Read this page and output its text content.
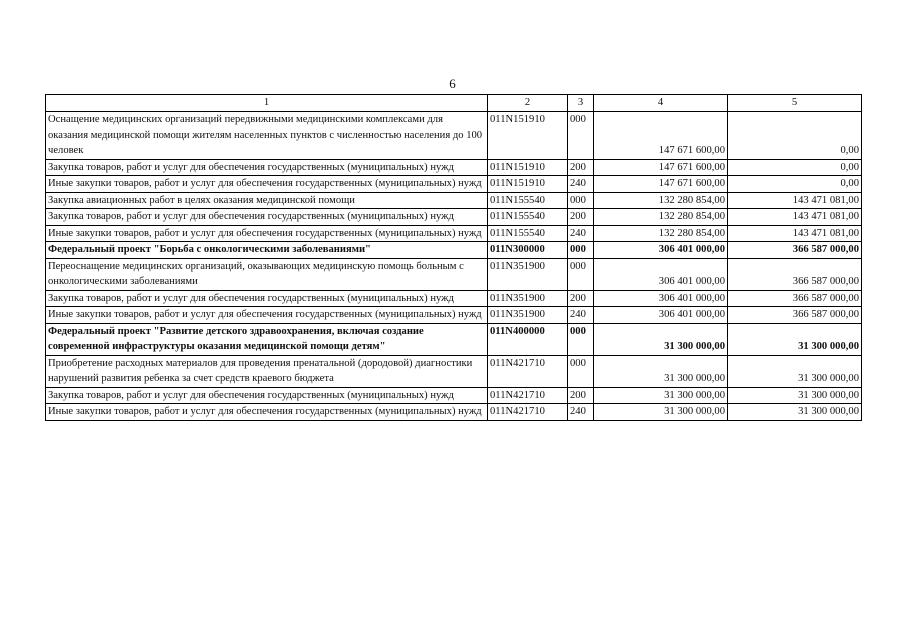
6
1	2	3	4	5
Оснащение медицинских организаций передвижными медицинскими комплексами для оказания медицинской помощи жителям населенных пунктов с численностью населения до 100 человек	011N151910	000	147 671 600,00	0,00
Закупка товаров, работ и услуг для обеспечения государственных (муниципальных) нужд	011N151910	200	147 671 600,00	0,00
Иные закупки товаров, работ и услуг для обеспечения государственных (муниципальных) нужд	011N151910	240	147 671 600,00	0,00
Закупка авиационных работ в целях оказания медицинской помощи	011N155540	000	132 280 854,00	143 471 081,00
Закупка товаров, работ и услуг для обеспечения государственных (муниципальных) нужд	011N155540	200	132 280 854,00	143 471 081,00
Иные закупки товаров, работ и услуг для обеспечения государственных (муниципальных) нужд	011N155540	240	132 280 854,00	143 471 081,00
Федеральный проект "Борьба с онкологическими заболеваниями"	011N300000	000	306 401 000,00	366 587 000,00
Переоснащение медицинских организаций, оказывающих медицинскую помощь больным с онкологическими заболеваниями	011N351900	000	306 401 000,00	366 587 000,00
Закупка товаров, работ и услуг для обеспечения государственных (муниципальных) нужд	011N351900	200	306 401 000,00	366 587 000,00
Иные закупки товаров, работ и услуг для обеспечения государственных (муниципальных) нужд	011N351900	240	306 401 000,00	366 587 000,00
Федеральный проект "Развитие детского здравоохранения, включая создание современной инфраструктуры оказания медицинской помощи детям"	011N400000	000	31 300 000,00	31 300 000,00
Приобретение расходных материалов для проведения пренатальной (дородовой) диагностики нарушений развития ребенка за счет средств краевого бюджета	011N421710	000	31 300 000,00	31 300 000,00
Закупка товаров, работ и услуг для обеспечения государственных (муниципальных) нужд	011N421710	200	31 300 000,00	31 300 000,00
Иные закупки товаров, работ и услуг для обеспечения государственных (муниципальных) нужд	011N421710	240	31 300 000,00	31 300 000,00
